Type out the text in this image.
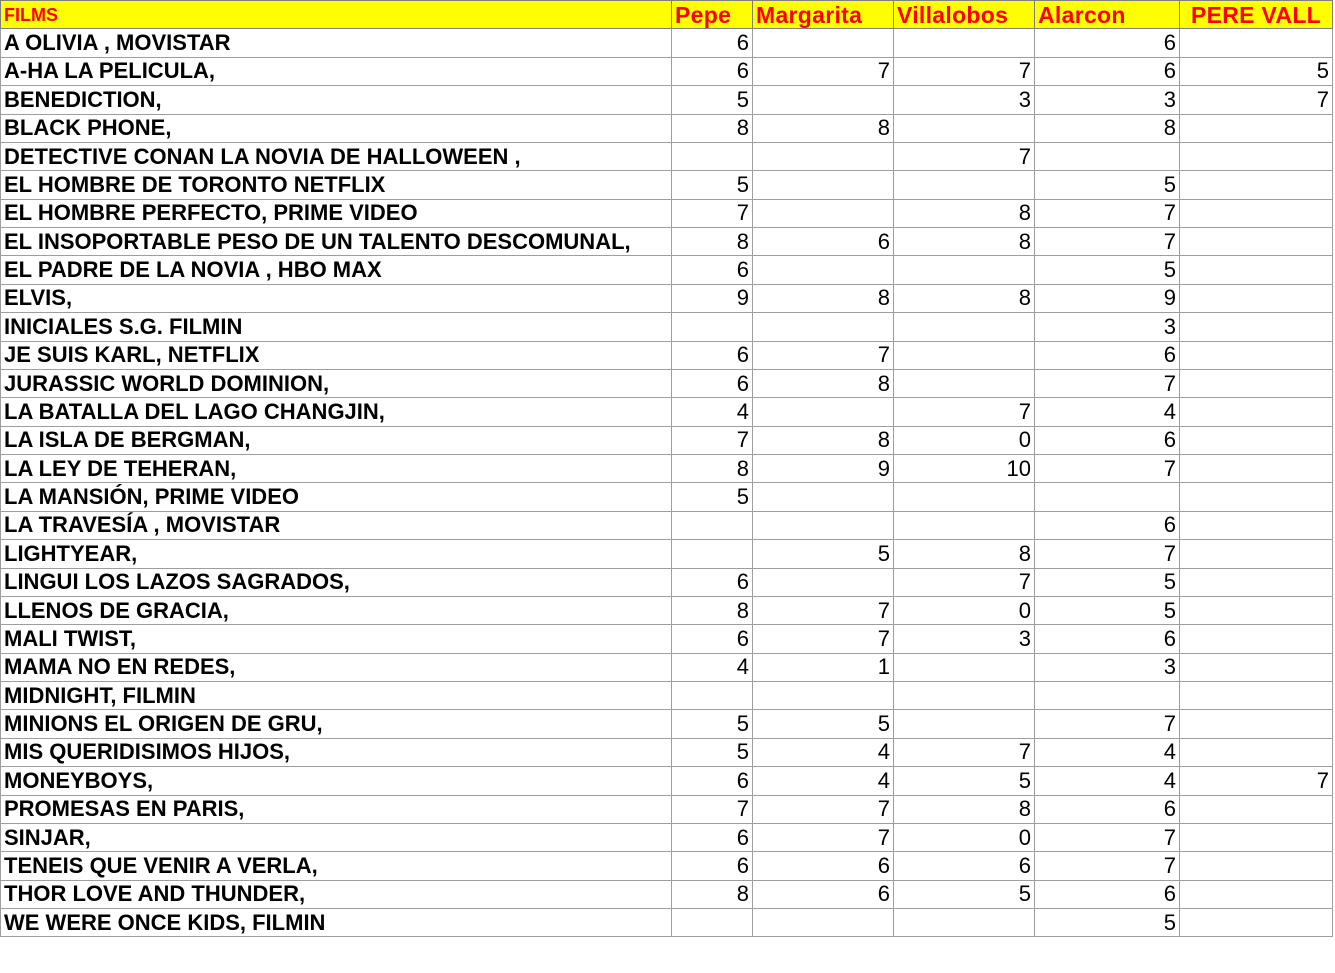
FILMS	Pepe	Margarita	Villalobos	Alarcon	PERE VALL
A OLIVIA , MOVISTAR	6			6	
A-HA LA PELICULA,	6	7	7	6	5
BENEDICTION,	5		3	3	7
BLACK PHONE,	8	8		8	
DETECTIVE CONAN LA NOVIA DE HALLOWEEN ,			7		
EL HOMBRE DE TORONTO NETFLIX	5			5	
EL HOMBRE PERFECTO, PRIME VIDEO	7		8	7	
EL INSOPORTABLE PESO DE UN TALENTO DESCOMUNAL,	8	6	8	7	
EL PADRE DE LA NOVIA , HBO MAX	6			5	
ELVIS,	9	8	8	9	
INICIALES S.G. FILMIN				3	
JE SUIS KARL, NETFLIX	6	7		6	
JURASSIC WORLD DOMINION,	6	8		7	
LA BATALLA DEL LAGO CHANGJIN,	4		7	4	
LA ISLA DE BERGMAN,	7	8	0	6	
LA LEY DE TEHERAN,	8	9	10	7	
LA MANSIÓN, PRIME VIDEO	5				
LA TRAVESÍA , MOVISTAR				6	
LIGHTYEAR,		5	8	7	
LINGUI LOS LAZOS SAGRADOS,	6		7	5	
LLENOS DE GRACIA,	8	7	0	5	
MALI TWIST,	6	7	3	6	
MAMA NO EN REDES,	4	1		3	
MIDNIGHT, FILMIN					
MINIONS EL ORIGEN DE GRU,	5	5		7	
MIS QUERIDISIMOS HIJOS,	5	4	7	4	
MONEYBOYS,	6	4	5	4	7
PROMESAS EN PARIS,	7	7	8	6	
SINJAR,	6	7	0	7	
TENEIS QUE VENIR A VERLA,	6	6	6	7	
THOR LOVE AND THUNDER,	8	6	5	6	
WE WERE ONCE KIDS, FILMIN				5	
